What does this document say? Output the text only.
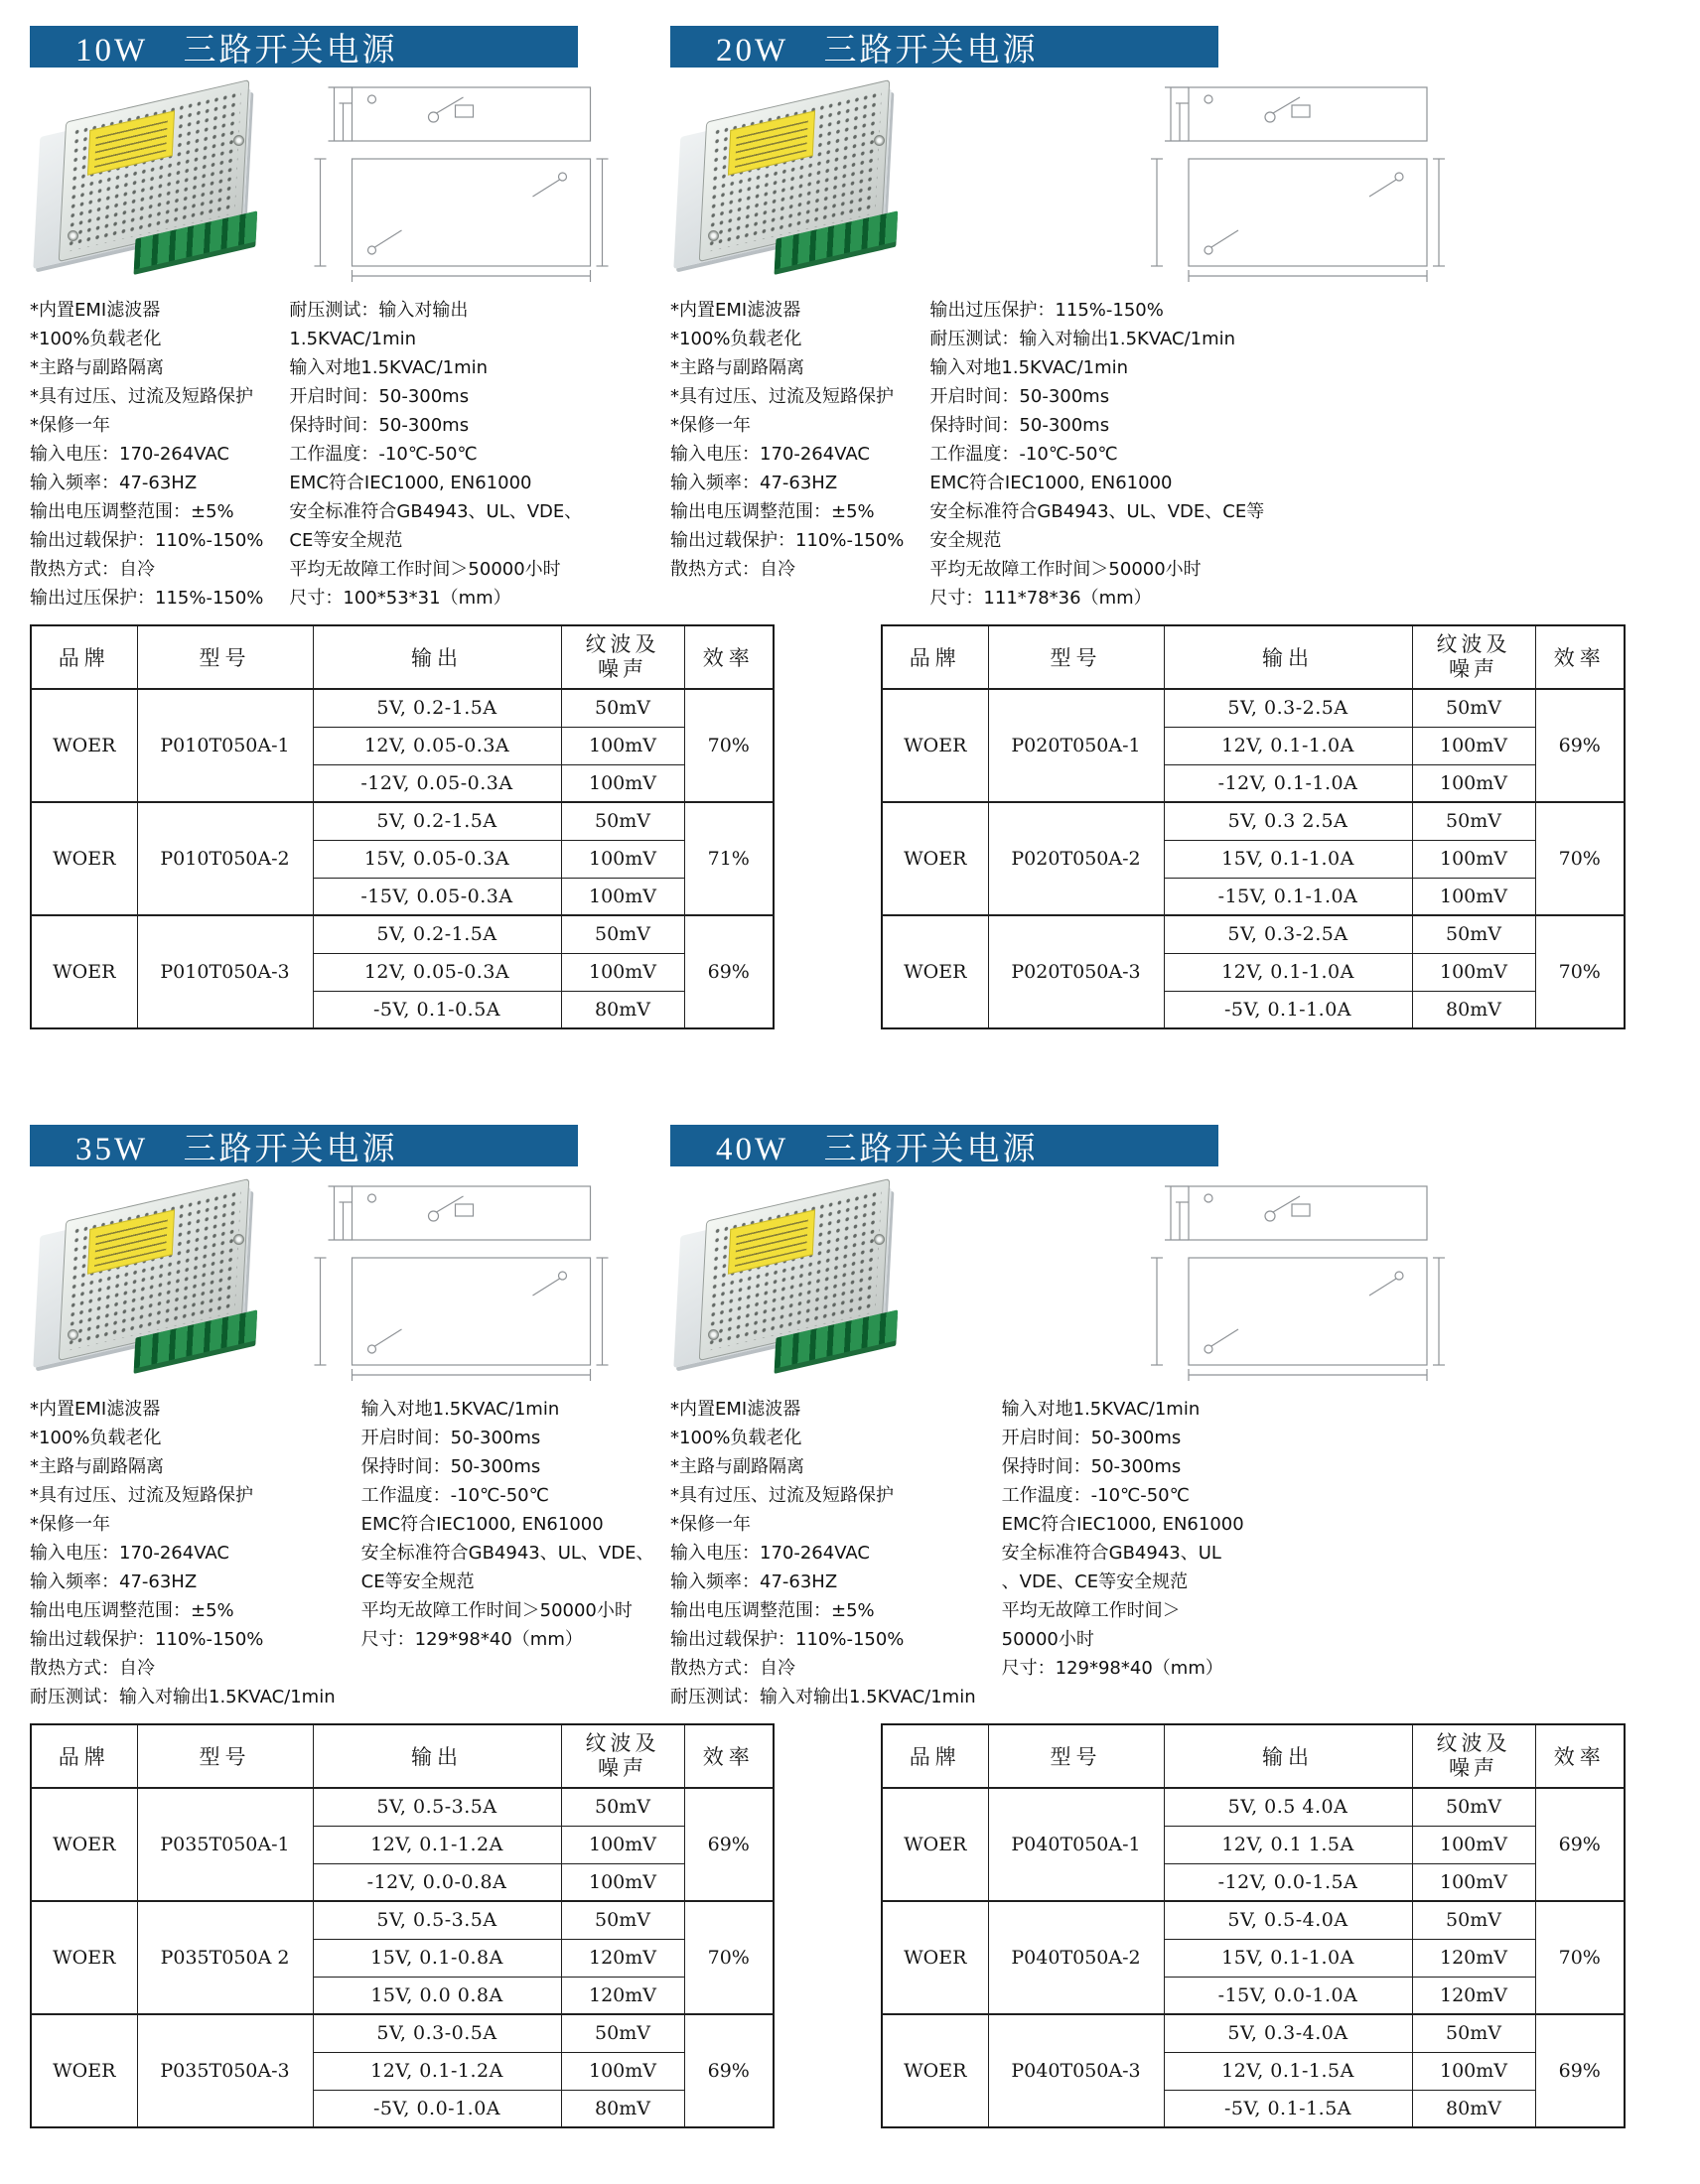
10W　三路开关电源
*内置EMI滤波器
*100%负载老化
*主路与副路隔离
*具有过压、过流及短路保护
*保修一年
输入电压：170-264VAC
输入频率：47-63HZ
输出电压调整范围：±5%
输出过载保护：110%-150%
散热方式：自冷
输出过压保护：115%-150%
耐压测试：输入对输出
1.5KVAC/1min
输入对地1.5KVAC/1min
开启时间：50-300ms
保持时间：50-300ms
工作温度：-10℃-50℃
EMC符合IEC1000, EN61000
安全标准符合GB4943、UL、VDE、
CE等安全规范
平均无故障工作时间＞50000小时
尺寸：100*53*31（mm）
品牌	型号	输出	纹波及
噪声	效率
WOER	P010T050A-1	5V, 0.2-1.5A	50mV	70%
		12V, 0.05-0.3A	100mV	
		-12V, 0.05-0.3A	100mV	
WOER	P010T050A-2	5V, 0.2-1.5A	50mV	71%
		15V, 0.05-0.3A	100mV	
		-15V, 0.05-0.3A	100mV	
WOER	P010T050A-3	5V, 0.2-1.5A	50mV	69%
		12V, 0.05-0.3A	100mV	
		-5V, 0.1-0.5A	80mV	
20W　三路开关电源
*内置EMI滤波器
*100%负载老化
*主路与副路隔离
*具有过压、过流及短路保护
*保修一年
输入电压：170-264VAC
输入频率：47-63HZ
输出电压调整范围：±5%
输出过载保护：110%-150%
散热方式：自冷
输出过压保护：115%-150%
耐压测试：输入对输出1.5KVAC/1min
输入对地1.5KVAC/1min
开启时间：50-300ms
保持时间：50-300ms
工作温度：-10℃-50℃
EMC符合IEC1000, EN61000
安全标准符合GB4943、UL、VDE、CE等
安全规范
平均无故障工作时间＞50000小时
尺寸：111*78*36（mm）
品牌	型号	输出	纹波及
噪声	效率
WOER	P020T050A-1	5V, 0.3-2.5A	50mV	69%
		12V, 0.1-1.0A	100mV	
		-12V, 0.1-1.0A	100mV	
WOER	P020T050A-2	5V, 0.3 2.5A	50mV	70%
		15V, 0.1-1.0A	100mV	
		-15V, 0.1-1.0A	100mV	
WOER	P020T050A-3	5V, 0.3-2.5A	50mV	70%
		12V, 0.1-1.0A	100mV	
		-5V, 0.1-1.0A	80mV	
35W　三路开关电源
*内置EMI滤波器
*100%负载老化
*主路与副路隔离
*具有过压、过流及短路保护
*保修一年
输入电压：170-264VAC
输入频率：47-63HZ
输出电压调整范围：±5%
输出过载保护：110%-150%
散热方式：自冷
耐压测试：输入对输出1.5KVAC/1min
输入对地1.5KVAC/1min
开启时间：50-300ms
保持时间：50-300ms
工作温度：-10℃-50℃
EMC符合IEC1000, EN61000
安全标准符合GB4943、UL、VDE、
CE等安全规范
平均无故障工作时间＞50000小时
尺寸：129*98*40（mm）
品牌	型号	输出	纹波及
噪声	效率
WOER	P035T050A-1	5V, 0.5-3.5A	50mV	69%
		12V, 0.1-1.2A	100mV	
		-12V, 0.0-0.8A	100mV	
WOER	P035T050A 2	5V, 0.5-3.5A	50mV	70%
		15V, 0.1-0.8A	120mV	
		15V, 0.0 0.8A	120mV	
WOER	P035T050A-3	5V, 0.3-0.5A	50mV	69%
		12V, 0.1-1.2A	100mV	
		-5V, 0.0-1.0A	80mV	
40W　三路开关电源
*内置EMI滤波器
*100%负载老化
*主路与副路隔离
*具有过压、过流及短路保护
*保修一年
输入电压：170-264VAC
输入频率：47-63HZ
输出电压调整范围：±5%
输出过载保护：110%-150%
散热方式：自冷
耐压测试：输入对输出1.5KVAC/1min
输入对地1.5KVAC/1min
开启时间：50-300ms
保持时间：50-300ms
工作温度：-10℃-50℃
EMC符合IEC1000, EN61000
安全标准符合GB4943、UL
、VDE、CE等安全规范
平均无故障工作时间＞
50000小时
尺寸：129*98*40（mm）
品牌	型号	输出	纹波及
噪声	效率
WOER	P040T050A-1	5V, 0.5 4.0A	50mV	69%
		12V, 0.1 1.5A	100mV	
		-12V, 0.0-1.5A	100mV	
WOER	P040T050A-2	5V, 0.5-4.0A	50mV	70%
		15V, 0.1-1.0A	120mV	
		-15V, 0.0-1.0A	120mV	
WOER	P040T050A-3	5V, 0.3-4.0A	50mV	69%
		12V, 0.1-1.5A	100mV	
		-5V, 0.1-1.5A	80mV	
